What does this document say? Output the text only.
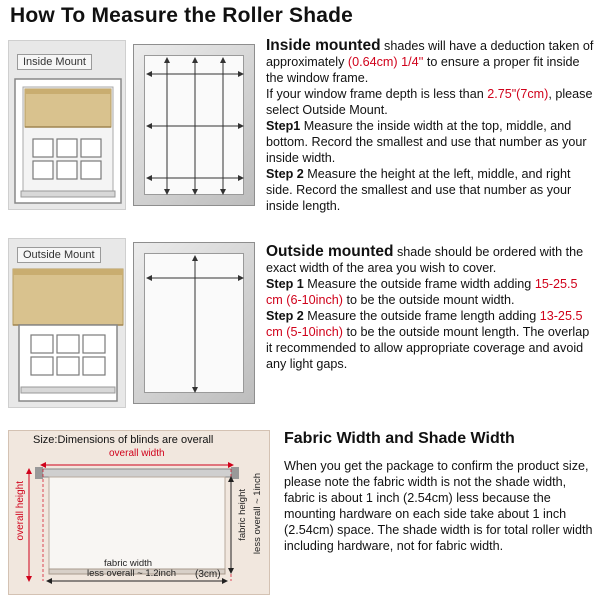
How To Measure the Roller Shade
Inside Mount
Inside mounted shades will have a deduction taken of approximately (0.64cm) 1/4'' to ensure a proper fit inside the window frame.
If your window frame depth is less than 2.75"(7cm), please select Outside Mount.
Step1 Measure the inside width at the top, middle, and bottom. Record the smallest and use that number as your inside width.
Step 2 Measure the height at the left, middle, and right side. Record the smallest and use that number as your inside length.
Outside Mount	Outside mounted shade should be ordered with the exact width of the area you wish to cover.
Step 1 Measure the outside frame width adding 15-25.5 cm (6-10inch) to be the outside mount width.
Step 2 Measure the outside frame length adding 13-25.5 cm (5-10inch) to be the outside mount length. The overlap it recommended to allow appropriate coverage and avoid any light gaps.
Size:Dimensions of blinds are overall
overall width
overall height	fabric height less overall ~ 1inch
fabric width
less overall ~ 1.2inch (3cm)
Fabric Width and Shade Width
When you get the package to confirm the product size, please note the fabric width is not the shade width, fabric is about 1 inch (2.54cm) less because the mounting hardware on each side take about 1 inch (2.54cm) space. The shade width is for total roller width including hardware, not for fabric width.
